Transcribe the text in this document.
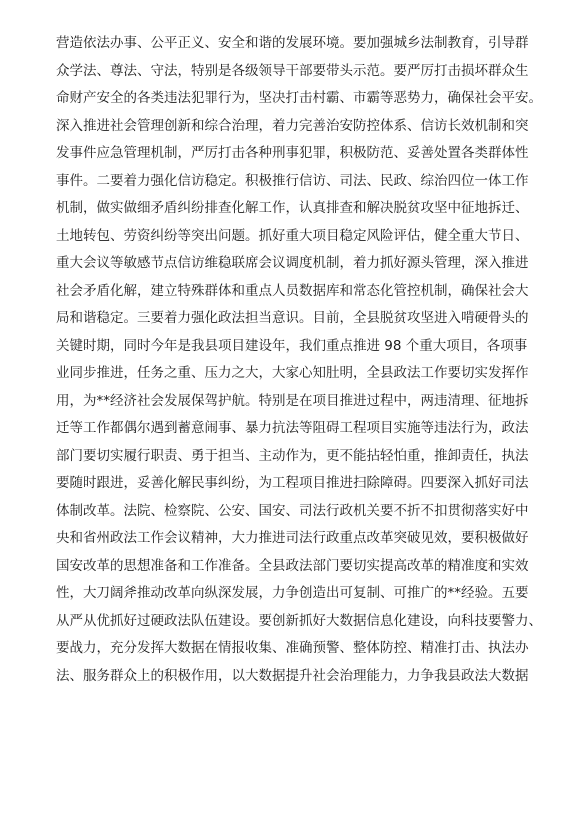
营造依法办事、公平正义、安全和谐的发展环境。要加强城乡法制教育，引导群
众学法、尊法、守法，特别是各级领导干部要带头示范。要严厉打击损坏群众生
命财产安全的各类违法犯罪行为，坚决打击村霸、市霸等恶势力，确保社会平安。
深入推进社会管理创新和综合治理，着力完善治安防控体系、信访长效机制和突
发事件应急管理机制，严厉打击各种刑事犯罪，积极防范、妥善处置各类群体性
事件。二要着力强化信访稳定。积极推行信访、司法、民政、综治四位一体工作
机制，做实做细矛盾纠纷排查化解工作，认真排查和解决脱贫攻坚中征地拆迁、
土地转包、劳资纠纷等突出问题。抓好重大项目稳定风险评估，健全重大节日、
重大会议等敏感节点信访维稳联席会议调度机制，着力抓好源头管理，深入推进
社会矛盾化解，建立特殊群体和重点人员数据库和常态化管控机制，确保社会大
局和谐稳定。三要着力强化政法担当意识。目前，全县脱贫攻坚进入啃硬骨头的
关键时期，同时今年是我县项目建设年，我们重点推进 98 个重大项目，各项事
业同步推进，任务之重、压力之大，大家心知肚明，全县政法工作要切实发挥作
用，为**经济社会发展保驾护航。特别是在项目推进过程中，两违清理、征地拆
迁等工作都偶尔遇到蓄意闹事、暴力抗法等阻碍工程项目实施等违法行为，政法
部门要切实履行职责、勇于担当、主动作为，更不能拈轻怕重，推卸责任，执法
要随时跟进，妥善化解民事纠纷，为工程项目推进扫除障碍。四要深入抓好司法
体制改革。法院、检察院、公安、国安、司法行政机关要不折不扣贯彻落实好中
央和省州政法工作会议精神，大力推进司法行政重点改革突破见效，要积极做好
国安改革的思想准备和工作准备。全县政法部门要切实提高改革的精准度和实效
性，大刀阔斧推动改革向纵深发展，力争创造出可复制、可推广的**经验。五要
从严从优抓好过硬政法队伍建设。要创新抓好大数据信息化建设，向科技要警力、
要战力，充分发挥大数据在情报收集、准确预警、整体防控、精准打击、执法办
法、服务群众上的积极作用，以大数据提升社会治理能力，力争我县政法大数据
